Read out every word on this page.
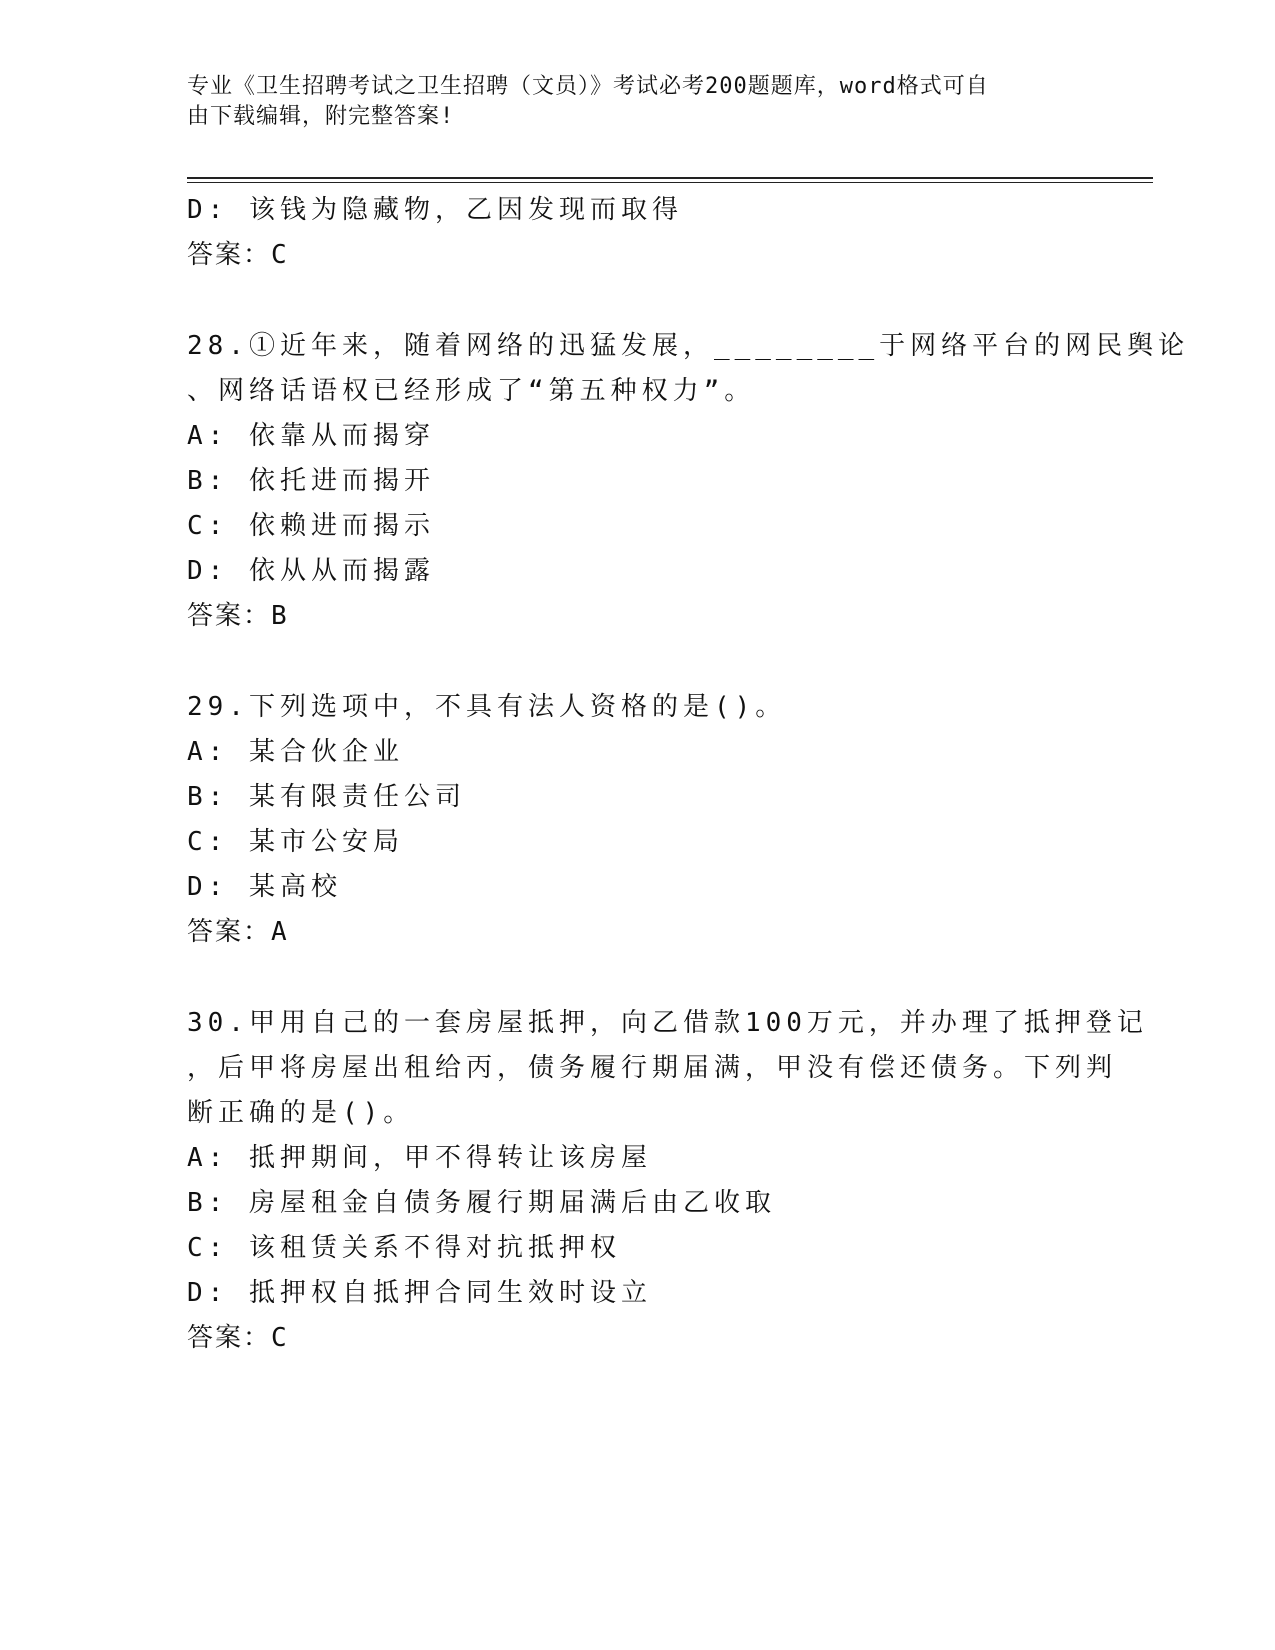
专业《卫生招聘考试之卫生招聘（文员）》考试必考200题题库，word格式可自
由下载编辑，附完整答案!
D: 该钱为隐藏物，乙因发现而取得
答案：C
28.①近年来，随着网络的迅猛发展，________于网络平台的网民舆论
、网络话语权已经形成了“第五种权力”。
A: 依靠从而揭穿
B: 依托进而揭开
C: 依赖进而揭示
D: 依从从而揭露
答案：B
29.下列选项中，不具有法人资格的是()。
A: 某合伙企业
B: 某有限责任公司
C: 某市公安局
D: 某高校
答案：A
30.甲用自己的一套房屋抵押，向乙借款100万元，并办理了抵押登记
，后甲将房屋出租给丙，债务履行期届满，甲没有偿还债务。下列判
断正确的是()。
A: 抵押期间，甲不得转让该房屋
B: 房屋租金自债务履行期届满后由乙收取
C: 该租赁关系不得对抗抵押权
D: 抵押权自抵押合同生效时设立
答案：C
